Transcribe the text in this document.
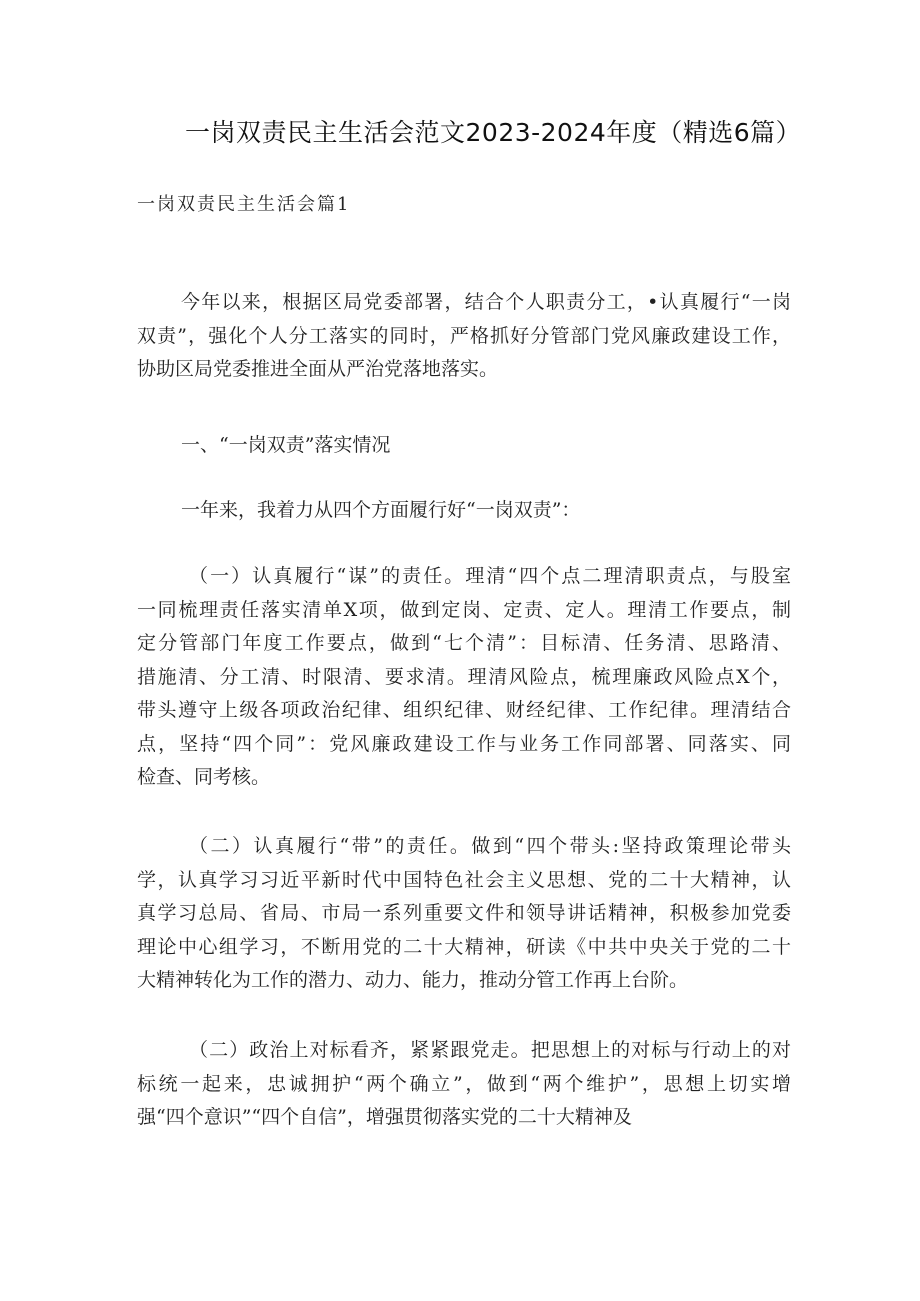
一岗双责民主生活会范文2023-2024年度（精选6篇）
一岗双责民主生活会篇1
今年以来，根据区局党委部署，结合个人职责分工，•认真履行“一岗
双责”，强化个人分工落实的同时，严格抓好分管部门党风廉政建设工作，
协助区局党委推进全面从严治党落地落实。
一、“一岗双责”落实情况
一年来，我着力从四个方面履行好“一岗双责”：
（一）认真履行“谋”的责任。理清“四个点二理清职责点，与股室
一同梳理责任落实清单X项，做到定岗、定责、定人。理清工作要点，制
定分管部门年度工作要点，做到“七个清”：目标清、任务清、思路清、
措施清、分工清、时限清、要求清。理清风险点，梳理廉政风险点X个，
带头遵守上级各项政治纪律、组织纪律、财经纪律、工作纪律。理清结合
点，坚持“四个同”：党风廉政建设工作与业务工作同部署、同落实、同
检查、同考核。
（二）认真履行“带”的责任。做到“四个带头:坚持政策理论带头
学，认真学习习近平新时代中国特色社会主义思想、党的二十大精神，认
真学习总局、省局、市局一系列重要文件和领导讲话精神，积极参加党委
理论中心组学习，不断用党的二十大精神，研读《中共中央关于党的二十
大精神转化为工作的潜力、动力、能力，推动分管工作再上台阶。
（二）政治上对标看齐，紧紧跟党走。把思想上的对标与行动上的对
标统一起来，忠诚拥护“两个确立”，做到“两个维护”，思想上切实增
强“四个意识”“四个自信”，增强贯彻落实党的二十大精神及
